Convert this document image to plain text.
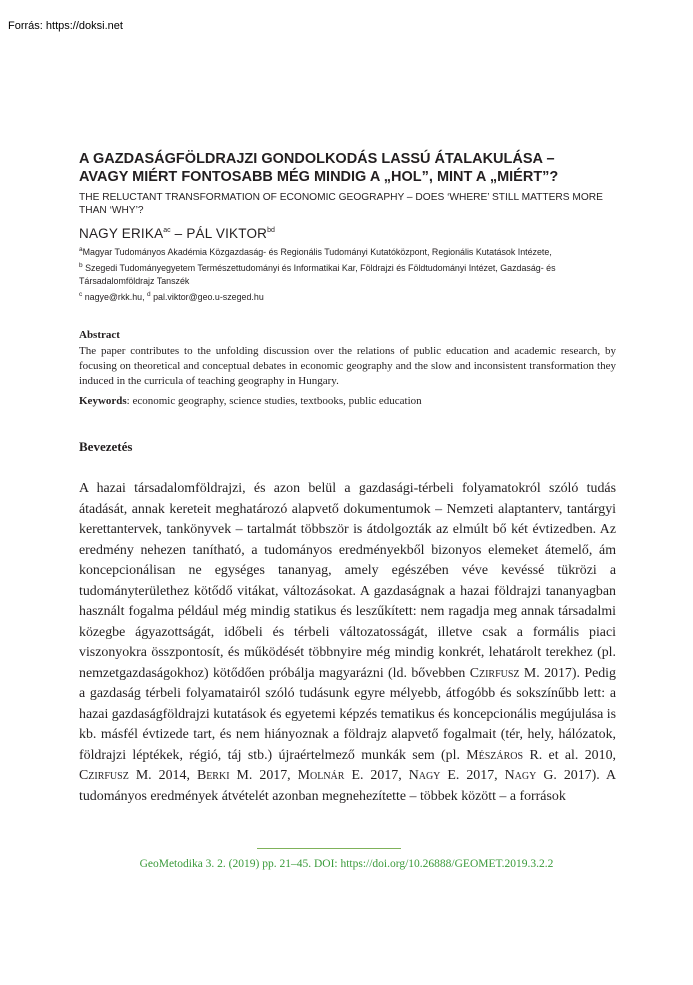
Forrás: https://doksi.net
A GAZDASÁGFÖLDRAJZI GONDOLKODÁS LASSÚ ÁTALAKULÁSA –
AVAGY MIÉRT FONTOSABB MÉG MINDIG A „HOL”, MINT A „MIÉRT”?

THE RELUCTANT TRANSFORMATION OF ECONOMIC GEOGRAPHY – DOES ‘WHERE’ STILL MATTERS MORE THAN ‘WHY’?

NAGY $ERIKA^{ac}$ – PÁL $VIKTOR^{bd}$

$^a$Magyar Tudományos Akadémia Közgazdaság- és Regionális Tudományi Kutatóközpont, Regionális Kutatások Intézete,
$^b$ Szegedi Tudományegyetem Természettudományi és Informatikai Kar, Földrajzi és Földtudományi Intézet, Gazdaság- és Társadalomföldrajz Tanszék
$^c$ nagye@rkk.hu, $^d$ pal.viktor@geo.u-szeged.hu

Abstract

The paper contributes to the unfolding discussion over the relations of public education and academic research, by focusing on theoretical and conceptual debates in economic geography and the slow and inconsistent transformation they induced in the curricula of teaching geography in Hungary.

Keywords: economic geography, science studies, textbooks, public education

Bevezetés

A hazai társadalomföldrajzi, és azon belül a gazdasági-térbeli folyamatokról szóló tudás átadását, annak kereteit meghatározó alapvető dokumentumok – Nemzeti alaptanterv, tantárgyi kerettantervek, tankönyvek – tartalmát többször is átdolgozták az elmúlt bő két évtizedben. Az eredmény nehezen tanítható, a tudományos eredményekből bizonyos elemeket átemelő, ám koncepcionálisan ne egységes tananyag, amely egészében véve kevéssé tükrözi a tudományterülethez kötődő vitákat, változásokat. A gazdaságnak a hazai földrajzi tananyagban használt fogalma például még mindig statikus és leszűkített: nem ragadja meg annak társadalmi közegbe ágyazottságát, időbeli és térbeli változatosságát, illetve csak a formális piaci viszonyokra összpontosít, és működését többnyire még mindig konkrét, lehatárolt terekhez (pl. nemzetgazdaságokhoz) kötődően próbálja magyarázni (ld. bővebben Czirfusz M. 2017). Pedig a gazdaság térbeli folyamatairól szóló tudásunk egyre mélyebb, átfogóbb és sokszínűbb lett: a hazai gazdaságföldrajzi kutatások és egyetemi képzés tematikus és koncepcionális megújulása is kb. másfél évtizede tart, és nem hiányoznak a földrajz alapvető fogalmait (tér, hely, hálózatok, földrajzi léptékek, régió, táj stb.) újraértelmező munkák sem (pl. Mészáros R. et al. 2010, Czirfusz M. 2014, Berki M. 2017, Molnár E. 2017, Nagy E. 2017, Nagy G. 2017). A tudományos eredmények átvételét azonban megnehezítette – többek között – a források

GeoMetodika 3. 2. (2019) pp. 21–45. DOI: https://doi.org/10.26888/GEOMET.2019.3.2.2
